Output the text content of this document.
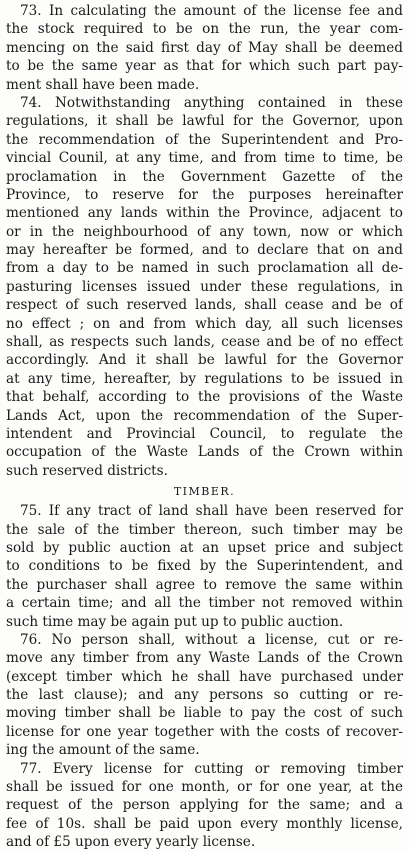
73. In calculating the amount of the license fee and
the stock required to be on the run, the year com-
mencing on the said first day of May shall be deemed
to be the same year as that for which such part pay-
ment shall have been made.
74. Notwithstanding anything contained in these
regulations, it shall be lawful for the Governor, upon
the recommendation of the Superintendent and Pro-
vincial Counil, at any time, and from time to time, be
proclamation in the Government Gazette of the
Province, to reserve for the purposes hereinafter
mentioned any lands within the Province, adjacent to
or in the neighbourhood of any town, now or which
may hereafter be formed, and to declare that on and
from a day to be named in such proclamation all de-
pasturing licenses issued under these regulations, in
respect of such reserved lands, shall cease and be of
no effect ; on and from which day, all such licenses
shall, as respects such lands, cease and be of no effect
accordingly. And it shall be lawful for the Governor
at any time, hereafter, by regulations to be issued in
that behalf, according to the provisions of the Waste
Lands Act, upon the recommendation of the Super-
intendent and Provincial Council, to regulate the
occupation of the Waste Lands of the Crown within
such reserved districts.
TIMBER.
75. If any tract of land shall have been reserved for
the sale of the timber thereon, such timber may be
sold by public auction at an upset price and subject
to conditions to be fixed by the Superintendent, and
the purchaser shall agree to remove the same within
a certain time; and all the timber not removed within
such time may be again put up to public auction.
76. No person shall, without a license, cut or re-
move any timber from any Waste Lands of the Crown
(except timber which he shall have purchased under
the last clause); and any persons so cutting or re-
moving timber shall be liable to pay the cost of such
license for one year together with the costs of recover-
ing the amount of the same.
77. Every license for cutting or removing timber
shall be issued for one month, or for one year, at the
request of the person applying for the same; and a
fee of 10s. shall be paid upon every monthly license,
and of £5 upon every yearly license.
